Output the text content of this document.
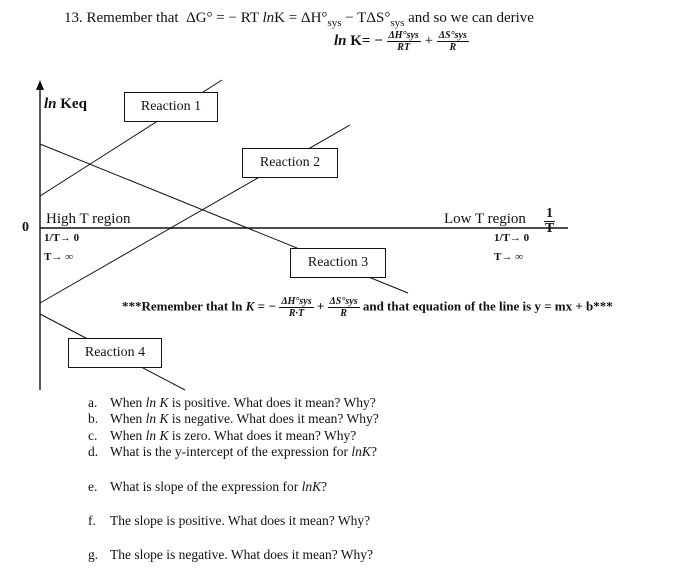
13. Remember that ΔG° = − RT $\ln K = \Delta H^\circ_{sys} - T\Delta S^\circ_{sys}$ and so we can derive
$\ln K= - \frac{\text{ΔH°sys}}{RT} + \frac{\text{ΔS°sys}}{R}$
ln Keq
0
1
T
High T region
1/T→ 0
T→ ∞
Low T region
1/T→ 0
T→ ∞
Reaction 1
Reaction 2
Reaction 3
Reaction 4
***Remember that ln K = − $\frac{\text{ΔH°sys}}{R\cdot T} + \frac{\text{ΔS°sys}}{R}$ and that equation of the line is y = mx + b***
a. When ln K is positive. What does it mean? Why?
b. When ln K is negative. What does it mean? Why?
c. When ln K is zero. What does it mean? Why?
d. What is the y-intercept of the expression for lnK?
e. What is slope of the expression for lnK?
f. The slope is positive. What does it mean? Why?
g. The slope is negative. What does it mean? Why?
